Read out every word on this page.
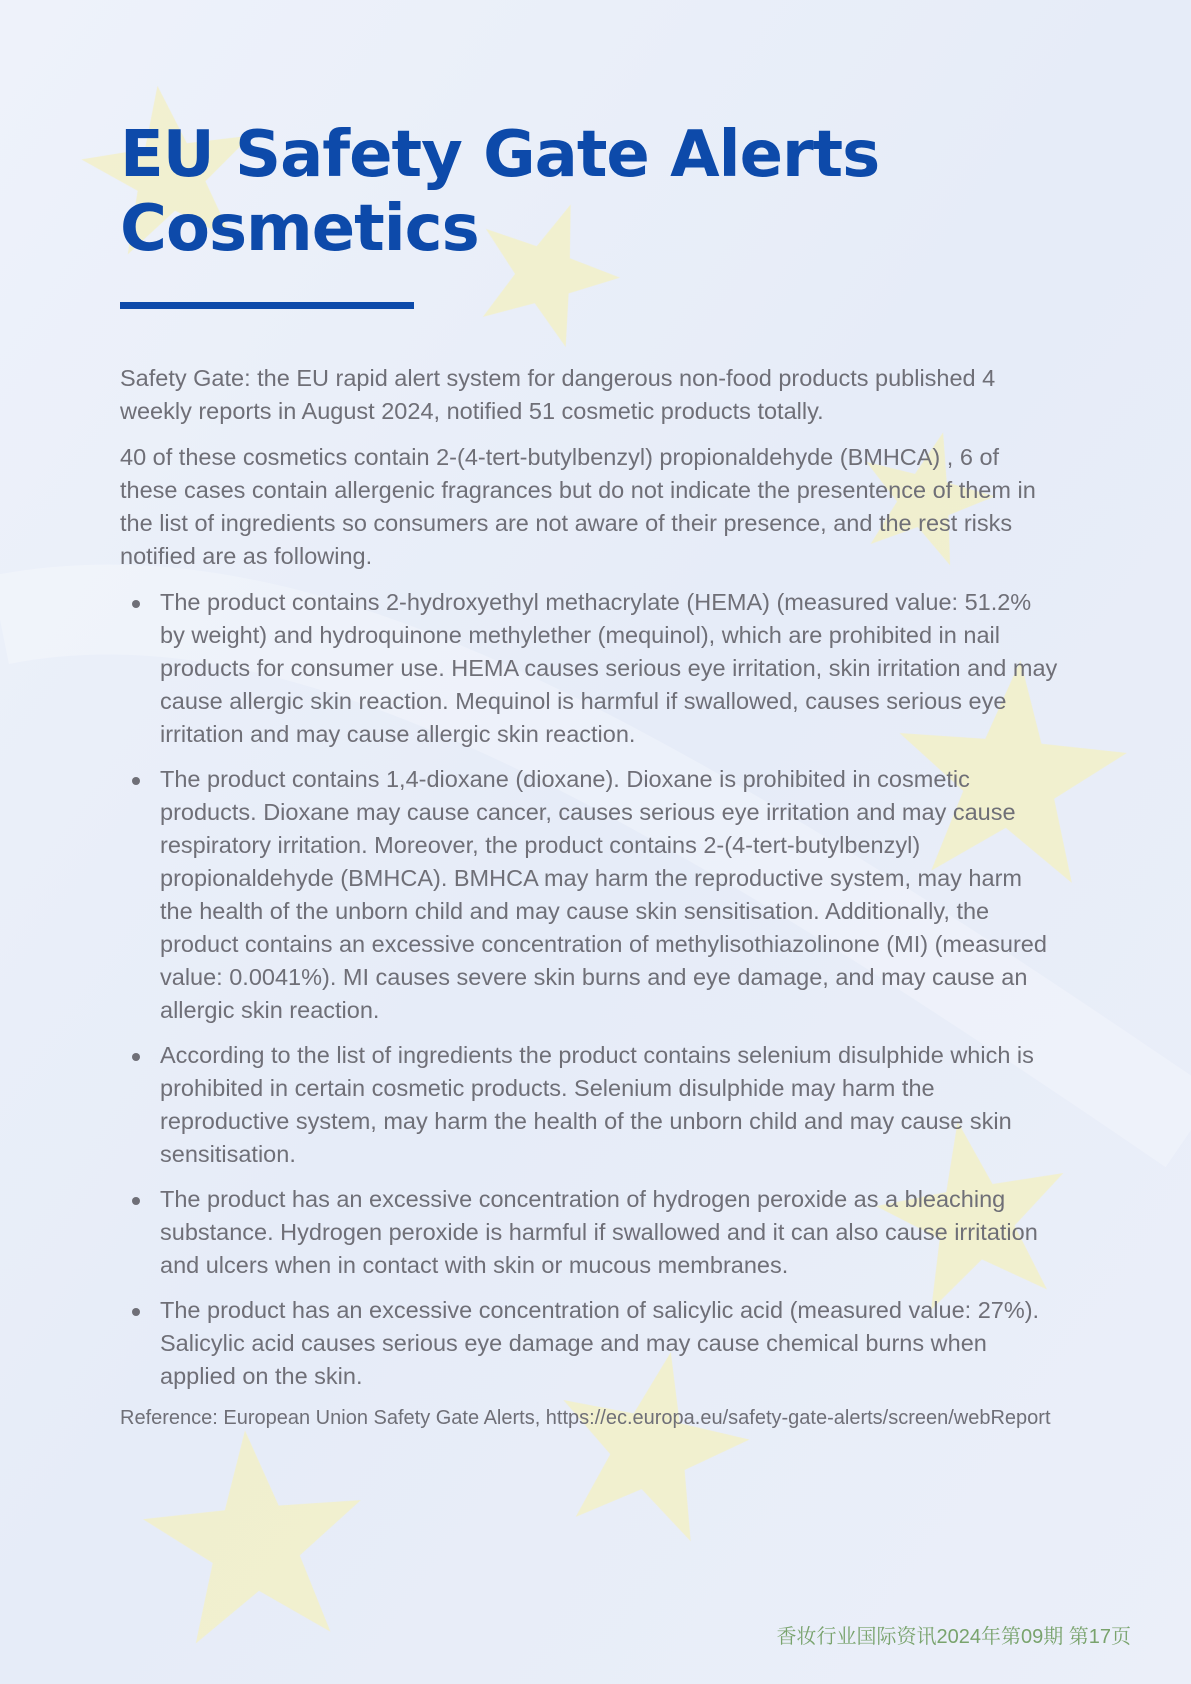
EU Safety Gate Alerts
Cosmetics

Safety Gate: the EU rapid alert system for dangerous non-food products published 4 weekly reports in August 2024, notified 51 cosmetic products totally.

40 of these cosmetics contain 2-(4-tert-butylbenzyl) propionaldehyde (BMHCA) , 6 of these cases contain allergenic fragrances but do not indicate the presentence of them in the list of ingredients so consumers are not aware of their presence, and the rest risks notified are as following.

The product contains 2-hydroxyethyl methacrylate (HEMA) (measured value: 51.2% by weight) and hydroquinone methylether (mequinol), which are prohibited in nail products for consumer use. HEMA causes serious eye irritation, skin irritation and may cause allergic skin reaction. Mequinol is harmful if swallowed, causes serious eye irritation and may cause allergic skin reaction.
The product contains 1,4-dioxane (dioxane). Dioxane is prohibited in cosmetic products. Dioxane may cause cancer, causes serious eye irritation and may cause respiratory irritation. Moreover, the product contains 2-(4-tert-butylbenzyl) propionaldehyde (BMHCA). BMHCA may harm the reproductive system, may harm the health of the unborn child and may cause skin sensitisation. Additionally, the product contains an excessive concentration of methylisothiazolinone (MI) (measured value: 0.0041%). MI causes severe skin burns and eye damage, and may cause an allergic skin reaction.
According to the list of ingredients the product contains selenium disulphide which is prohibited in certain cosmetic products. Selenium disulphide may harm the reproductive system, may harm the health of the unborn child and may cause skin sensitisation.
The product has an excessive concentration of hydrogen peroxide as a bleaching substance. Hydrogen peroxide is harmful if swallowed and it can also cause irritation and ulcers when in contact with skin or mucous membranes.
The product has an excessive concentration of salicylic acid (measured value: 27%). Salicylic acid causes serious eye damage and may cause chemical burns when applied on the skin.

Reference: European Union Safety Gate Alerts, https://ec.europa.eu/safety-gate-alerts/screen/webReport

香妆行业国际资讯2024年第09期 第17页
